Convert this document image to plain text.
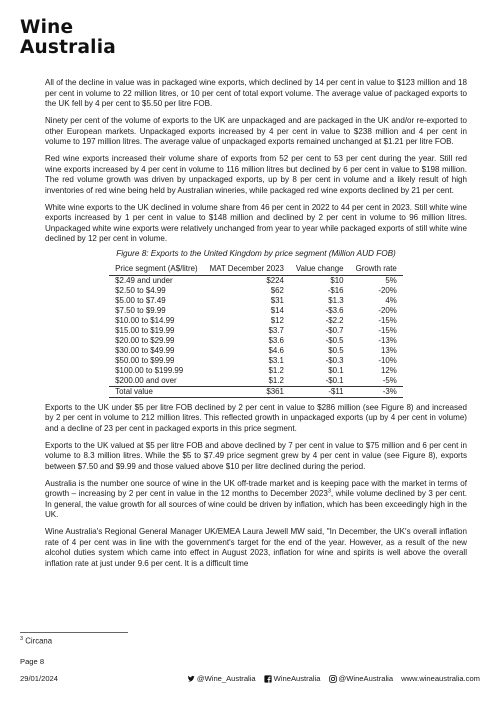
Wine
Australia

All of the decline in value was in packaged wine exports, which declined by 14 per cent in value to $123 million and 18 per cent in volume to 22 million litres, or 10 per cent of total export volume. The average value of packaged exports to the UK fell by 4 per cent to $5.50 per litre FOB.

Ninety per cent of the volume of exports to the UK are unpackaged and are packaged in the UK and/or re-exported to other European markets. Unpackaged exports increased by 4 per cent in value to $238 million and 4 per cent in volume to 197 million litres. The average value of unpackaged exports remained unchanged at $1.21 per litre FOB.

Red wine exports increased their volume share of exports from 52 per cent to 53 per cent during the year. Still red wine exports increased by 4 per cent in volume to 116 million litres but declined by 6 per cent in value to $198 million. The red volume growth was driven by unpackaged exports, up by 8 per cent in volume and a likely result of high inventories of red wine being held by Australian wineries, while packaged red wine exports declined by 21 per cent.

White wine exports to the UK declined in volume share from 46 per cent in 2022 to 44 per cent in 2023. Still white wine exports increased by 1 per cent in value to $148 million and declined by 2 per cent in volume to 96 million litres. Unpackaged white wine exports were relatively unchanged from year to year while packaged exports of still white wine declined by 12 per cent in volume.

Figure 8: Exports to the United Kingdom by price segment (Million AUD FOB)
Price segment (A$/litre)	MAT December 2023	Value change	Growth rate
$2.49 and under	$224	$10	5%
$2.50 to $4.99	$62	-$16	-20%
$5.00 to $7.49	$31	$1.3	4%
$7.50 to $9.99	$14	-$3.6	-20%
$10.00 to $14.99	$12	-$2.2	-15%
$15.00 to $19.99	$3.7	-$0.7	-15%
$20.00 to $29.99	$3.6	-$0.5	-13%
$30.00 to $49.99	$4.6	$0.5	13%
$50.00 to $99.99	$3.1	-$0.3	-10%
$100.00 to $199.99	$1.2	$0.1	12%
$200.00 and over	$1.2	-$0.1	-5%
Total value	$361	-$11	-3%

Exports to the UK under $5 per litre FOB declined by 2 per cent in value to $286 million (see Figure 8) and increased by 2 per cent in volume to 212 million litres. This reflected growth in unpackaged exports (up by 4 per cent in volume) and a decline of 23 per cent in packaged exports in this price segment.

Exports to the UK valued at $5 per litre FOB and above declined by 7 per cent in value to $75 million and 6 per cent in volume to 8.3 million litres. While the $5 to $7.49 price segment grew by 4 per cent in value (see Figure 8), exports between $7.50 and $9.99 and those valued above $10 per litre declined during the period.

Australia is the number one source of wine in the UK off-trade market and is keeping pace with the market in terms of growth – increasing by 2 per cent in value in the 12 months to December 2023$^3$, while volume declined by 3 per cent. In general, the value growth for all sources of wine could be driven by inflation, which has been exceedingly high in the UK.

Wine Australia's Regional General Manager UK/EMEA Laura Jewell MW said, "In December, the UK's overall inflation rate of 4 per cent was in line with the government's target for the end of the year. However, as a result of the new alcohol duties system which came into effect in August 2023, inflation for wine and spirits is well above the overall inflation rate at just under 9.6 per cent. It is a difficult time

$^3$ Circana
Page 8
29/01/2024	@Wine_Australia WineAustralia @WineAustralia www.wineaustralia.com
